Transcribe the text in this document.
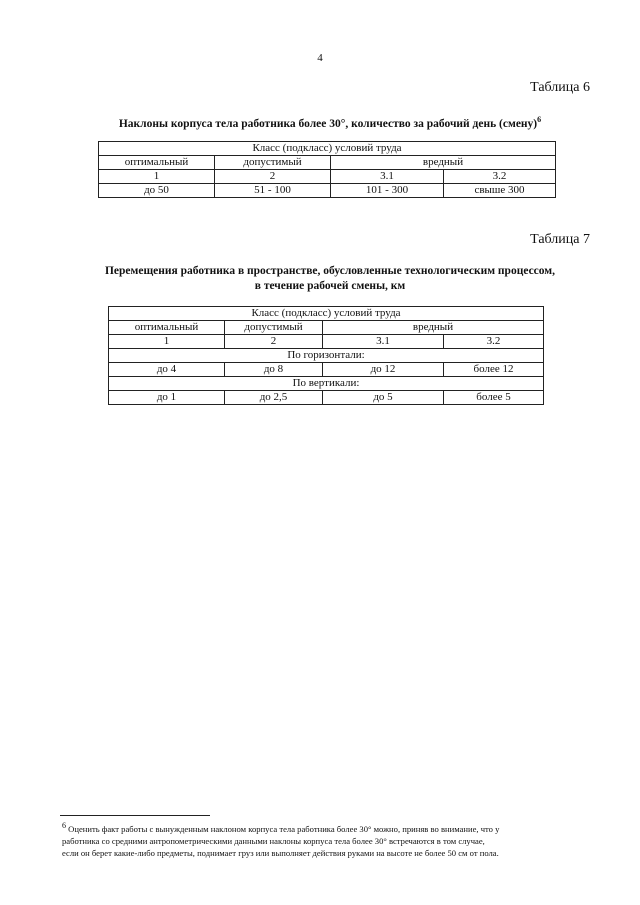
4
Таблица 6
Наклоны корпуса тела работника более 30°, количество за рабочий день (смену)$^6$
Класс (подкласс) условий труда			
оптимальный	допустимый	вредный	
1	2	3.1	3.2
до 50	51 - 100	101 - 300	свыше 300
Таблица 7
Перемещения работника в пространстве, обусловленные технологическим процессом,
в течение рабочей смены, км
Класс (подкласс) условий труда			
оптимальный	допустимый	вредный	
1	2	3.1	3.2
По горизонтали:			
до 4	до 8	до 12	более 12
По вертикали:			
до 1	до 2,5	до 5	более 5
$^6$ Оценить факт работы с вынужденным наклоном корпуса тела работника более 30° можно, приняв во внимание, что у
работника со средними антропометрическими данными наклоны корпуса тела более 30° встречаются в том случае,
если он берет какие-либо предметы, поднимает груз или выполняет действия руками на высоте не более 50 см от пола.
